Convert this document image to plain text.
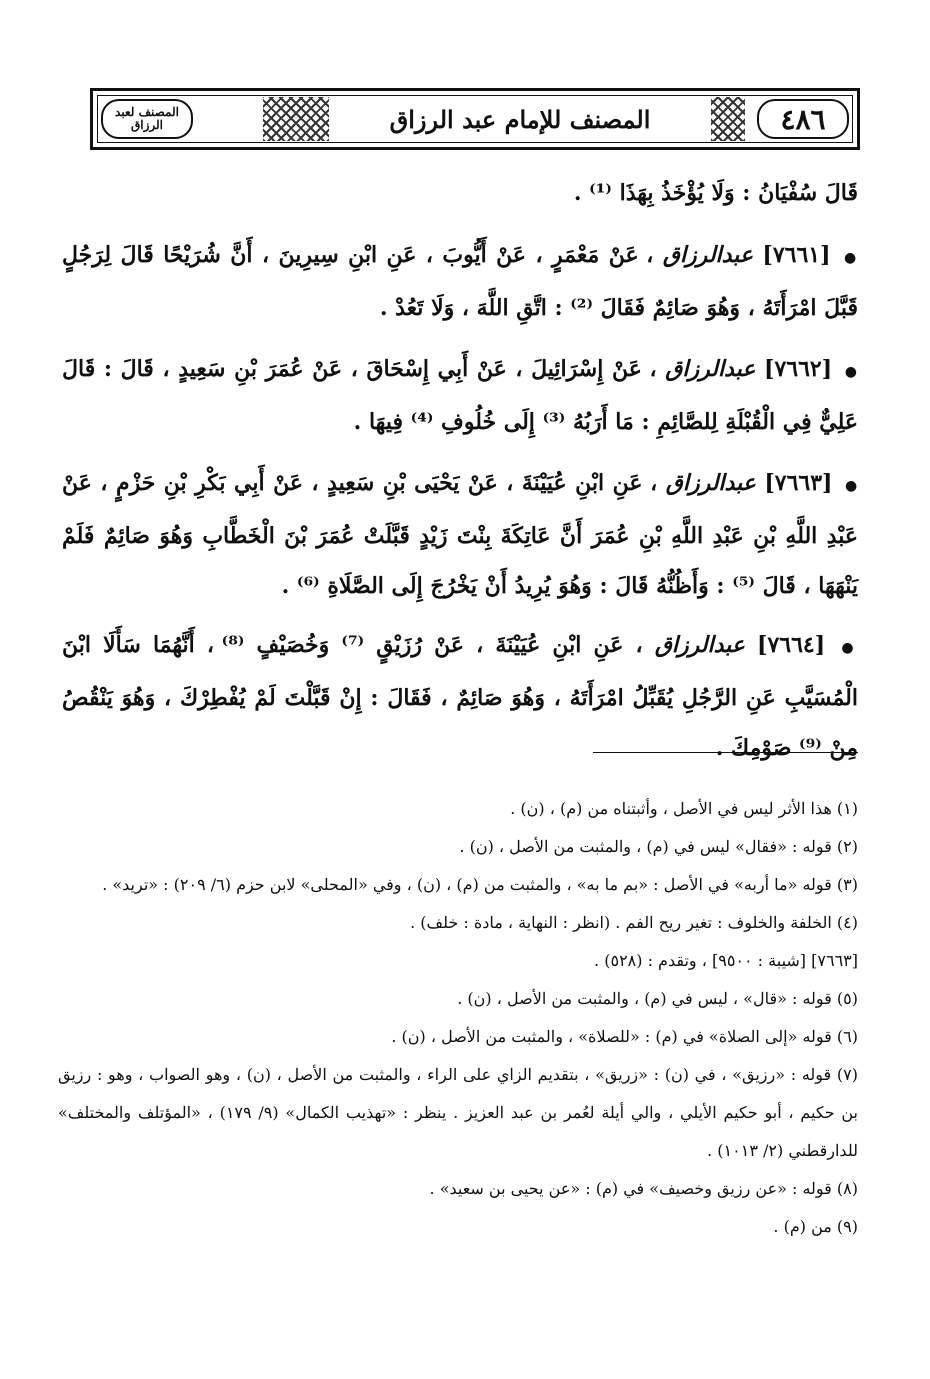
المصنف لعبد الرزاق	المصنف للإمام عبد الرزاق	٤٨٦
قَالَ سُفْيَانُ : وَلَا يُؤْخَذُ بِهَذَا ⁽¹⁾ .
● [٧٦٦١] عبدالرزاق ، عَنْ مَعْمَرٍ ، عَنْ أَيُّوبَ ، عَنِ ابْنِ سِيرِينَ ، أَنَّ شُرَيْحًا قَالَ لِرَجُلٍ قَبَّلَ امْرَأَتَهُ ، وَهُوَ صَائِمٌ فَقَالَ ⁽²⁾ : اتَّقِ اللَّهَ ، وَلَا تَعُدْ .
● [٧٦٦٢] عبدالرزاق ، عَنْ إِسْرَائِيلَ ، عَنْ أَبِي إِسْحَاقَ ، عَنْ عُمَرَ بْنِ سَعِيدٍ ، قَالَ : قَالَ عَلِيٌّ فِي الْقُبْلَةِ لِلصَّائِمِ : مَا أَرَبُهُ ⁽³⁾ إِلَى خُلُوفِ ⁽⁴⁾ فِيهَا .
● [٧٦٦٣] عبدالرزاق ، عَنِ ابْنِ عُيَيْنَةَ ، عَنْ يَحْيَى بْنِ سَعِيدٍ ، عَنْ أَبِي بَكْرِ بْنِ حَزْمٍ ، عَنْ عَبْدِ اللَّهِ بْنِ عَبْدِ اللَّهِ بْنِ عُمَرَ أَنَّ عَاتِكَةَ بِنْتَ زَيْدٍ قَبَّلَتْ عُمَرَ بْنَ الْخَطَّابِ وَهُوَ صَائِمٌ فَلَمْ يَنْهَهَا ، قَالَ ⁽⁵⁾ : وَأَظُنُّهُ قَالَ : وَهُوَ يُرِيدُ أَنْ يَخْرُجَ إِلَى الصَّلَاةِ ⁽⁶⁾ .
● [٧٦٦٤] عبدالرزاق ، عَنِ ابْنِ عُيَيْنَةَ ، عَنْ رُزَيْقٍ ⁽⁷⁾ وَخُصَيْفٍ ⁽⁸⁾ ، أَنَّهُمَا سَأَلَا ابْنَ الْمُسَيَّبِ عَنِ الرَّجُلِ يُقَبِّلُ امْرَأَتَهُ ، وَهُوَ صَائِمٌ ، فَقَالَ : إِنْ قَبَّلْتَ لَمْ يُفْطِرْكَ ، وَهُوَ يَنْقُصُ مِنْ ⁽⁹⁾ صَوْمِكَ .
(١) هذا الأثر ليس في الأصل ، وأثبتناه من (م) ، (ن) .
(٢) قوله : «فقال» ليس في (م) ، والمثبت من الأصل ، (ن) .
(٣) قوله «ما أربه» في الأصل : «بم ما به» ، والمثبت من (م) ، (ن) ، وفي «المحلى» لابن حزم (٦/ ٢٠٩) : «تريد» .
(٤) الخلفة والخلوف : تغير ريح الفم . (انظر : النهاية ، مادة : خلف) .
[٧٦٦٣] [شيبة : ٩٥٠٠] ، وتقدم : (٥٢٨) .
(٥) قوله : «قال» ، ليس في (م) ، والمثبت من الأصل ، (ن) .
(٦) قوله «إلى الصلاة» في (م) : «للصلاة» ، والمثبت من الأصل ، (ن) .
(٧) قوله : «رزيق» ، في (ن) : «زريق» ، بتقديم الزاي على الراء ، والمثبت من الأصل ، (ن) ، وهو الصواب ، وهو : رزيق بن حكيم ، أبو حكيم الأيلي ، والي أيلة لعُمر بن عبد العزيز . ينظر : «تهذيب الكمال» (٩/ ١٧٩) ، «المؤتلف والمختلف» للدارقطني (٢/ ١٠١٣) .
(٨) قوله : «عن رزيق وخصيف» في (م) : «عن يحيى بن سعيد» .
(٩) من (م) .
